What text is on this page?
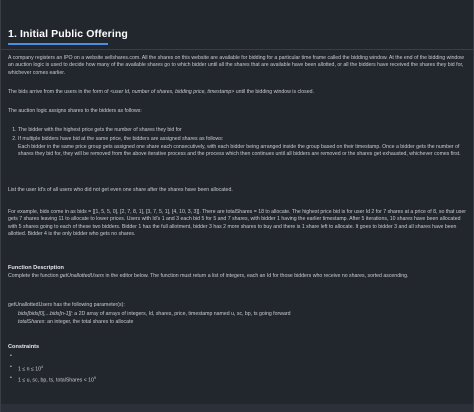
1. Initial Public Offering

A company registers an IPO on a website sellshares.com. All the shares on this website are available for bidding for a particular time frame called the bidding window. At the end of the bidding window an auction logic is used to decide how many of the available shares go to which bidder until all the shares that are available have been allotted, or all the bidders have received the shares they bid for, whichever comes earlier.

The bids arrive from the users in the form of <user Id, number of shares, bidding price, timestamp> until the bidding window is closed.

The auction logic assigns shares to the bidders as follows:

1. The bidder with the highest price gets the number of shares they bid for
2. If multiple bidders have bid at the same price, the bidders are assigned shares as follows:
Each bidder in the same price group gets assigned one share each consecutively, with each bidder being arranged inside the group based on their timestamp. Once a bidder gets the number of shares they bid for, they will be removed from the above iterative process and the process which then continues until all bidders are removed or the shares get exhausted, whichever comes first.

List the user Id's of all users who did not get even one share after the shares have been allocated.

For example, bids come in as bids = [[1, 5, 5, 0], [2, 7, 8, 1], [3, 7, 5, 1], [4, 10, 3, 3]]. There are totalShares = 18 to allocate. The highest price bid is for user Id 2 for 7 shares at a price of 8, so that user gets 7 shares leaving 11 to allocate to lower prices. Users with Id's 1 and 3 each bid 5 for 5 and 7 shares, with bidder 1 having the earlier timestamp. After 5 iterations, 10 shares have been allocated with 5 shares going to each of these two bidders. Bidder 1 has the full allotment, bidder 3 has 2 more shares to buy and there is 1 share left to allocate. It goes to bidder 3 and all shares have been allotted. Bidder 4 is the only bidder who gets no shares.

Function Description

Complete the function getUnallottedUsers in the editor below. The function must return a list of integers, each an Id for those bidders who receive no shares, sorted ascending.

getUnallottedUsers has the following parameter(s):

bids[bids[0],...bids[n-1]]: a 2D array of arrays of integers, Id, shares, price, timestamp named u, sc, bp, ts going forward

totalShares: an integer, the total shares to allocate

Constraints
•
• $1 \le n \le 10^4$
• 1 ≤ u, sc, bp, ts, totalShares < $10^9$
